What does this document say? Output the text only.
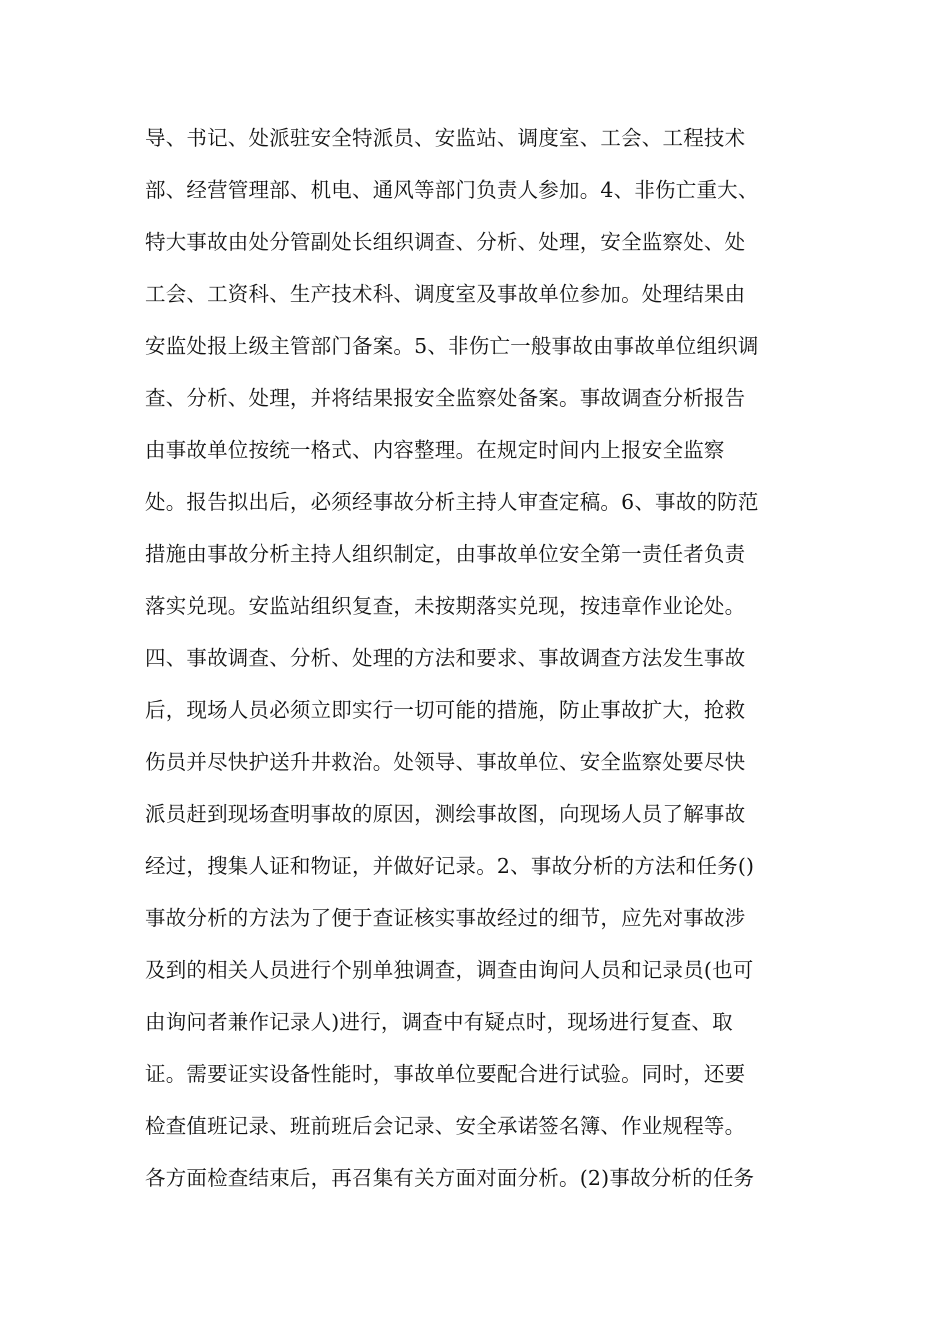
导、书记、处派驻安全特派员、安监站、调度室、工会、工程技术
部、经营管理部、机电、通风等部门负责人参加。4、非伤亡重大、
特大事故由处分管副处长组织调查、分析、处理，安全监察处、处
工会、工资科、生产技术科、调度室及事故单位参加。处理结果由
安监处报上级主管部门备案。5、非伤亡一般事故由事故单位组织调
查、分析、处理，并将结果报安全监察处备案。事故调查分析报告
由事故单位按统一格式、内容整理。在规定时间内上报安全监察
处。报告拟出后，必须经事故分析主持人审查定稿。6、事故的防范
措施由事故分析主持人组织制定，由事故单位安全第一责任者负责
落实兑现。安监站组织复查，未按期落实兑现，按违章作业论处。
四、事故调查、分析、处理的方法和要求、事故调查方法发生事故
后，现场人员必须立即实行一切可能的措施，防止事故扩大，抢救
伤员并尽快护送升井救治。处领导、事故单位、安全监察处要尽快
派员赶到现场查明事故的原因，测绘事故图，向现场人员了解事故
经过，搜集人证和物证，并做好记录。2、事故分析的方法和任务()
事故分析的方法为了便于查证核实事故经过的细节，应先对事故涉
及到的相关人员进行个别单独调查，调查由询问人员和记录员(也可
由询问者兼作记录人)进行，调查中有疑点时，现场进行复查、取
证。需要证实设备性能时，事故单位要配合进行试验。同时，还要
检查值班记录、班前班后会记录、安全承诺签名簿、作业规程等。
各方面检查结束后，再召集有关方面对面分析。(2)事故分析的任务
